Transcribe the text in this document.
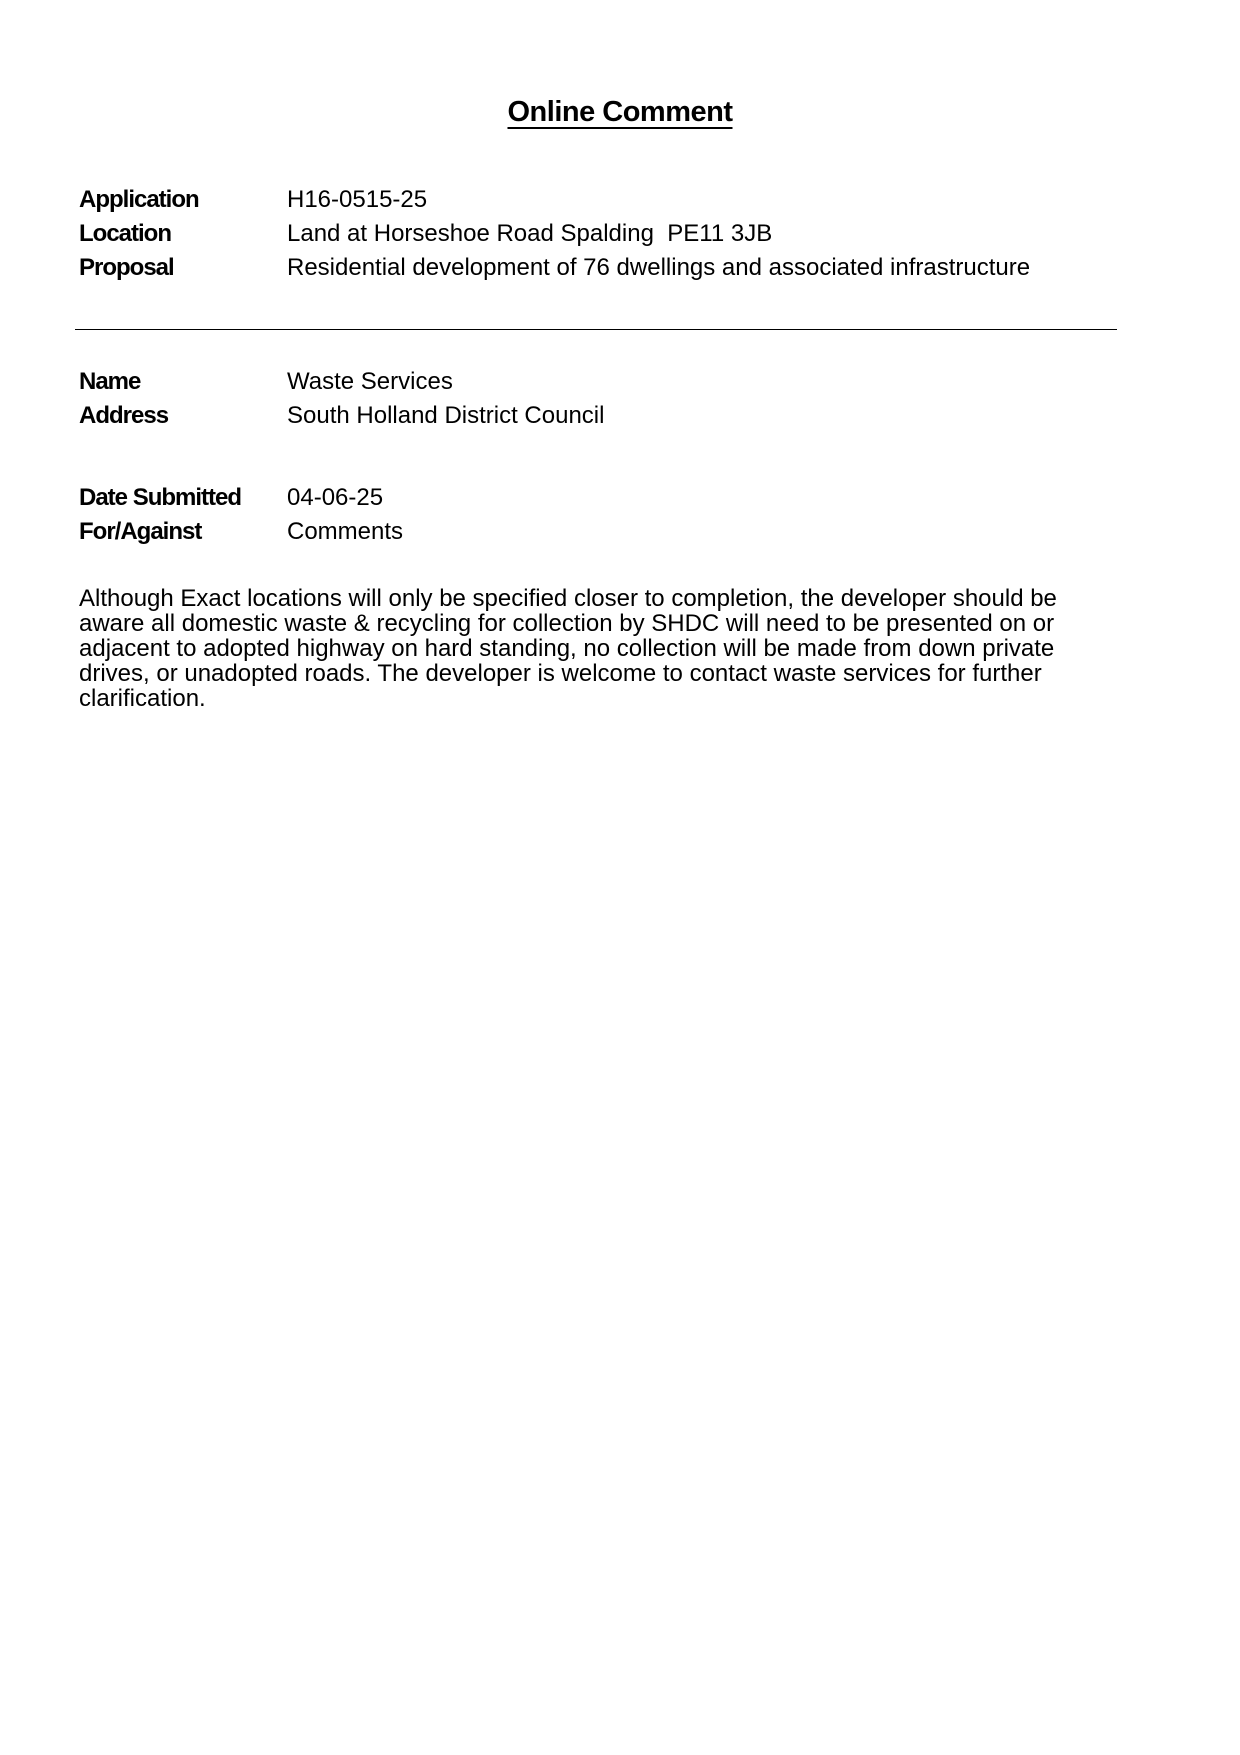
Online Comment
Application	H16-0515-25
Location	Land at Horseshoe Road Spalding  PE11 3JB
Proposal	Residential development of 76 dwellings and associated infrastructure
Name	Waste Services
Address	South Holland District Council
Date Submitted 04-06-25
For/Against	Comments

Although Exact locations will only be specified closer to completion, the developer should be aware all domestic waste & recycling for collection by SHDC will need to be presented on or adjacent to adopted highway on hard standing, no collection will be made from down private drives, or unadopted roads. The developer is welcome to contact waste services for further clarification.
